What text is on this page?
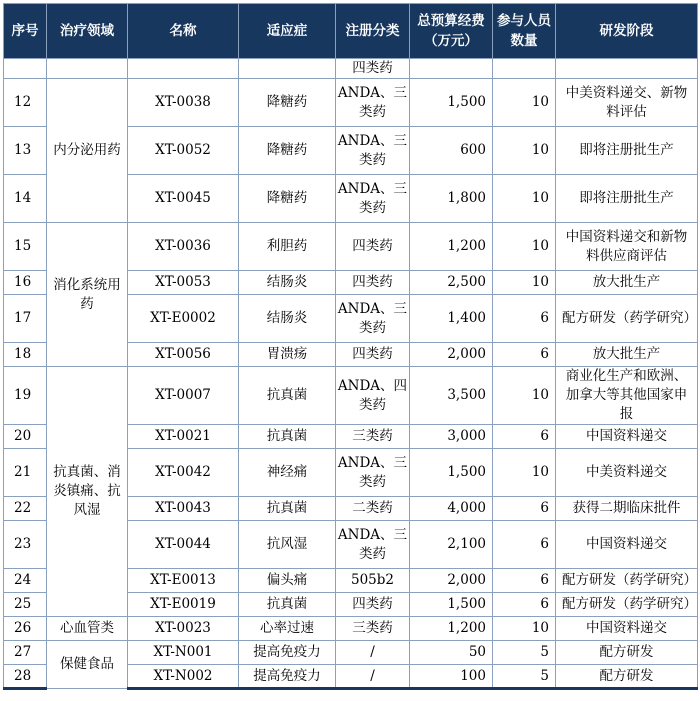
序号	治疗领域	名称	适应症	注册分类	总预算经费（万元）	参与人员数量	研发阶段
				四类药			
12	内分泌用药	XT-0038	降糖药	ANDA、三类药	1,500	10	中美资料递交、新物料评估
13		XT-0052	降糖药	ANDA、三类药	600	10	即将注册批生产
14		XT-0045	降糖药	ANDA、三类药	1,800	10	即将注册批生产
15	消化系统用药	XT-0036	利胆药	四类药	1,200	10	中国资料递交和新物料供应商评估
16		XT-0053	结肠炎	四类药	2,500	10	放大批生产
17		XT-E0002	结肠炎	ANDA、三类药	1,400	6	配方研发（药学研究）
18		XT-0056	胃溃疡	四类药	2,000	6	放大批生产
19	抗真菌、消炎镇痛、抗风湿	XT-0007	抗真菌	ANDA、四类药	3,500	10	商业化生产和欧洲、加拿大等其他国家申报
20		XT-0021	抗真菌	三类药	3,000	6	中国资料递交
21		XT-0042	神经痛	ANDA、三类药	1,500	10	中美资料递交
22		XT-0043	抗真菌	二类药	4,000	6	获得二期临床批件
23		XT-0044	抗风湿	ANDA、三类药	2,100	6	中国资料递交
24		XT-E0013	偏头痛	505b2	2,000	6	配方研发（药学研究）
25		XT-E0019	抗真菌	四类药	1,500	6	配方研发（药学研究）
26	心血管类	XT-0023	心率过速	三类药	1,200	10	中国资料递交
27	保健食品	XT-N001	提高免疫力	/	50	5	配方研发
28		XT-N002	提高免疫力	/	100	5	配方研发
